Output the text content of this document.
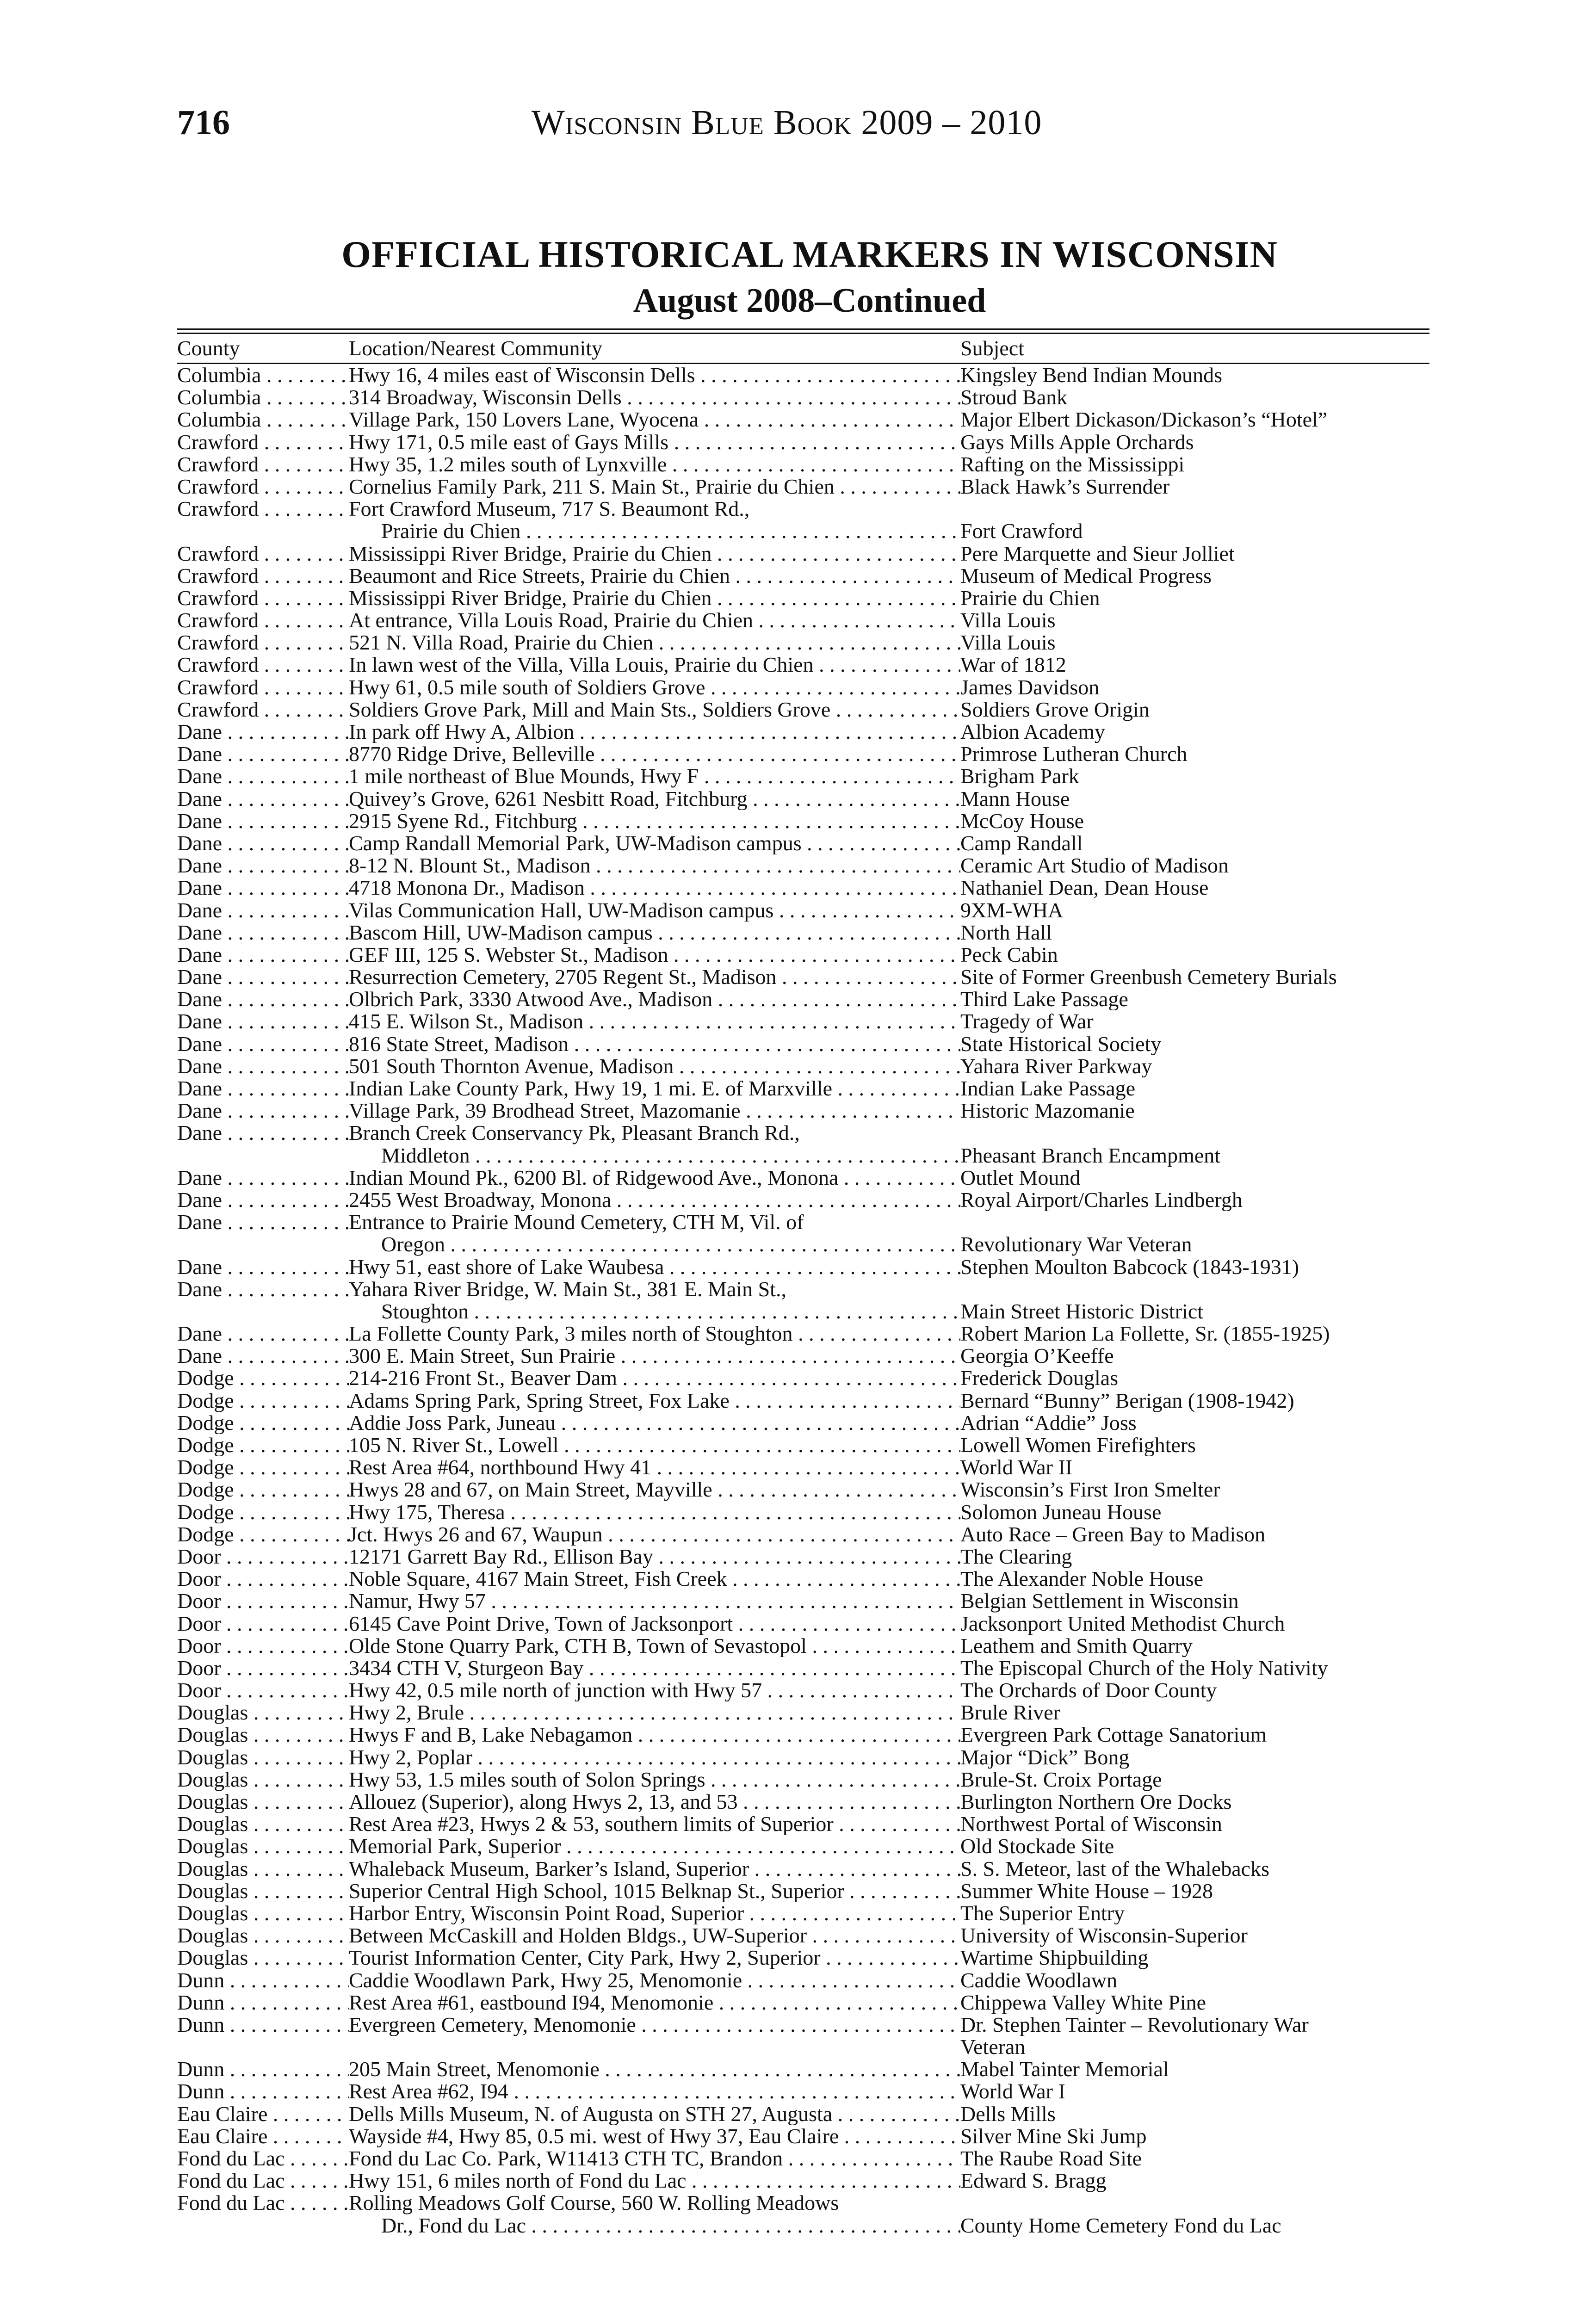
716	Wisconsin Blue Book 2009 – 2010
OFFICIAL HISTORICAL MARKERS IN WISCONSIN
August 2008–Continued
County	Location/Nearest Community	Subject
Columbia . . .	Hwy 16, 4 miles east of Wisconsin Dells . . .	Kingsley Bend Indian Mounds
Columbia . . .	314 Broadway, Wisconsin Dells . . .	Stroud Bank
Columbia . . .	Village Park, 150 Lovers Lane, Wyocena . . .	Major Elbert Dickason/Dickason’s “Hotel”
Crawford . . .	Hwy 171, 0.5 mile east of Gays Mills . . .	Gays Mills Apple Orchards
Crawford . . .	Hwy 35, 1.2 miles south of Lynxville . . .	Rafting on the Mississippi
Crawford . . .	Cornelius Family Park, 211 S. Main St., Prairie du Chien . . .	Black Hawk’s Surrender
Crawford . . .	Fort Crawford Museum, 717 S. Beaumont Rd.,
Prairie du Chien . . .	Fort Crawford
Crawford . . .	Mississippi River Bridge, Prairie du Chien . . .	Pere Marquette and Sieur Jolliet
Crawford . . .	Beaumont and Rice Streets, Prairie du Chien . . .	Museum of Medical Progress
Crawford . . .	Mississippi River Bridge, Prairie du Chien . . .	Prairie du Chien
Crawford . . .	At entrance, Villa Louis Road, Prairie du Chien . . .	Villa Louis
Crawford . . .	521 N. Villa Road, Prairie du Chien . . .	Villa Louis
Crawford . . .	In lawn west of the Villa, Villa Louis, Prairie du Chien . . .	War of 1812
Crawford . . .	Hwy 61, 0.5 mile south of Soldiers Grove . . .	James Davidson
Crawford . . .	Soldiers Grove Park, Mill and Main Sts., Soldiers Grove . . .	Soldiers Grove Origin
Dane . . .	In park off Hwy A, Albion . . .	Albion Academy
Dane . . .	8770 Ridge Drive, Belleville . . .	Primrose Lutheran Church
Dane . . .	1 mile northeast of Blue Mounds, Hwy F . . .	Brigham Park
Dane . . .	Quivey’s Grove, 6261 Nesbitt Road, Fitchburg . . .	Mann House
Dane . . .	2915 Syene Rd., Fitchburg . . .	McCoy House
Dane . . .	Camp Randall Memorial Park, UW-Madison campus . . .	Camp Randall
Dane . . .	8-12 N. Blount St., Madison . . .	Ceramic Art Studio of Madison
Dane . . .	4718 Monona Dr., Madison . . .	Nathaniel Dean, Dean House
Dane . . .	Vilas Communication Hall, UW-Madison campus . . .	9XM-WHA
Dane . . .	Bascom Hill, UW-Madison campus . . .	North Hall
Dane . . .	GEF III, 125 S. Webster St., Madison . . .	Peck Cabin
Dane . . .	Resurrection Cemetery, 2705 Regent St., Madison . . .	Site of Former Greenbush Cemetery Burials
Dane . . .	Olbrich Park, 3330 Atwood Ave., Madison . . .	Third Lake Passage
Dane . . .	415 E. Wilson St., Madison . . .	Tragedy of War
Dane . . .	816 State Street, Madison . . .	State Historical Society
Dane . . .	501 South Thornton Avenue, Madison . . .	Yahara River Parkway
Dane . . .	Indian Lake County Park, Hwy 19, 1 mi. E. of Marxville . . .	Indian Lake Passage
Dane . . .	Village Park, 39 Brodhead Street, Mazomanie . . .	Historic Mazomanie
Dane . . .	Branch Creek Conservancy Pk, Pleasant Branch Rd.,
Middleton . . .	Pheasant Branch Encampment
Dane . . .	Indian Mound Pk., 6200 Bl. of Ridgewood Ave., Monona . . .	Outlet Mound
Dane . . .	2455 West Broadway, Monona . . .	Royal Airport/Charles Lindbergh
Dane . . .	Entrance to Prairie Mound Cemetery, CTH M, Vil. of
Oregon . . .	Revolutionary War Veteran
Dane . . .	Hwy 51, east shore of Lake Waubesa . . .	Stephen Moulton Babcock (1843-1931)
Dane . . .	Yahara River Bridge, W. Main St., 381 E. Main St.,
Stoughton . . .	Main Street Historic District
Dane . . .	La Follette County Park, 3 miles north of Stoughton . . .	Robert Marion La Follette, Sr. (1855-1925)
Dane . . .	300 E. Main Street, Sun Prairie . . .	Georgia O’Keeffe
Dodge . . .	214-216 Front St., Beaver Dam . . .	Frederick Douglas
Dodge . . .	Adams Spring Park, Spring Street, Fox Lake . . .	Bernard “Bunny” Berigan (1908-1942)
Dodge . . .	Addie Joss Park, Juneau . . .	Adrian “Addie” Joss
Dodge . . .	105 N. River St., Lowell . . .	Lowell Women Firefighters
Dodge . . .	Rest Area #64, northbound Hwy 41 . . .	World War II
Dodge . . .	Hwys 28 and 67, on Main Street, Mayville . . .	Wisconsin’s First Iron Smelter
Dodge . . .	Hwy 175, Theresa . . .	Solomon Juneau House
Dodge . . .	Jct. Hwys 26 and 67, Waupun . . .	Auto Race – Green Bay to Madison
Door . . .	12171 Garrett Bay Rd., Ellison Bay . . .	The Clearing
Door . . .	Noble Square, 4167 Main Street, Fish Creek . . .	The Alexander Noble House
Door . . .	Namur, Hwy 57 . . .	Belgian Settlement in Wisconsin
Door . . .	6145 Cave Point Drive, Town of Jacksonport . . .	Jacksonport United Methodist Church
Door . . .	Olde Stone Quarry Park, CTH B, Town of Sevastopol . . .	Leathem and Smith Quarry
Door . . .	3434 CTH V, Sturgeon Bay . . .	The Episcopal Church of the Holy Nativity
Door . . .	Hwy 42, 0.5 mile north of junction with Hwy 57 . . .	The Orchards of Door County
Douglas . . .	Hwy 2, Brule . . .	Brule River
Douglas . . .	Hwys F and B, Lake Nebagamon . . .	Evergreen Park Cottage Sanatorium
Douglas . . .	Hwy 2, Poplar . . .	Major “Dick” Bong
Douglas . . .	Hwy 53, 1.5 miles south of Solon Springs . . .	Brule-St. Croix Portage
Douglas . . .	Allouez (Superior), along Hwys 2, 13, and 53 . . .	Burlington Northern Ore Docks
Douglas . . .	Rest Area #23, Hwys 2 & 53, southern limits of Superior . . .	Northwest Portal of Wisconsin
Douglas . . .	Memorial Park, Superior . . .	Old Stockade Site
Douglas . . .	Whaleback Museum, Barker’s Island, Superior . . .	S. S. Meteor, last of the Whalebacks
Douglas . . .	Superior Central High School, 1015 Belknap St., Superior . . .	Summer White House – 1928
Douglas . . .	Harbor Entry, Wisconsin Point Road, Superior . . .	The Superior Entry
Douglas . . .	Between McCaskill and Holden Bldgs., UW-Superior . . .	University of Wisconsin-Superior
Douglas . . .	Tourist Information Center, City Park, Hwy 2, Superior . . .	Wartime Shipbuilding
Dunn . . .	Caddie Woodlawn Park, Hwy 25, Menomonie . . .	Caddie Woodlawn
Dunn . . .	Rest Area #61, eastbound I94, Menomonie . . .	Chippewa Valley White Pine
Dunn . . .	Evergreen Cemetery, Menomonie . . .	Dr. Stephen Tainter – Revolutionary War
Veteran
Dunn . . .	205 Main Street, Menomonie . . .	Mabel Tainter Memorial
Dunn . . .	Rest Area #62, I94 . . .	World War I
Eau Claire . . .	Dells Mills Museum, N. of Augusta on STH 27, Augusta . . .	Dells Mills
Eau Claire . . .	Wayside #4, Hwy 85, 0.5 mi. west of Hwy 37, Eau Claire . . .	Silver Mine Ski Jump
Fond du Lac . . .	Fond du Lac Co. Park, W11413 CTH TC, Brandon . . .	The Raube Road Site
Fond du Lac . . .	Hwy 151, 6 miles north of Fond du Lac . . .	Edward S. Bragg
Fond du Lac . . .	Rolling Meadows Golf Course, 560 W. Rolling Meadows
Dr., Fond du Lac . . .	County Home Cemetery Fond du Lac
